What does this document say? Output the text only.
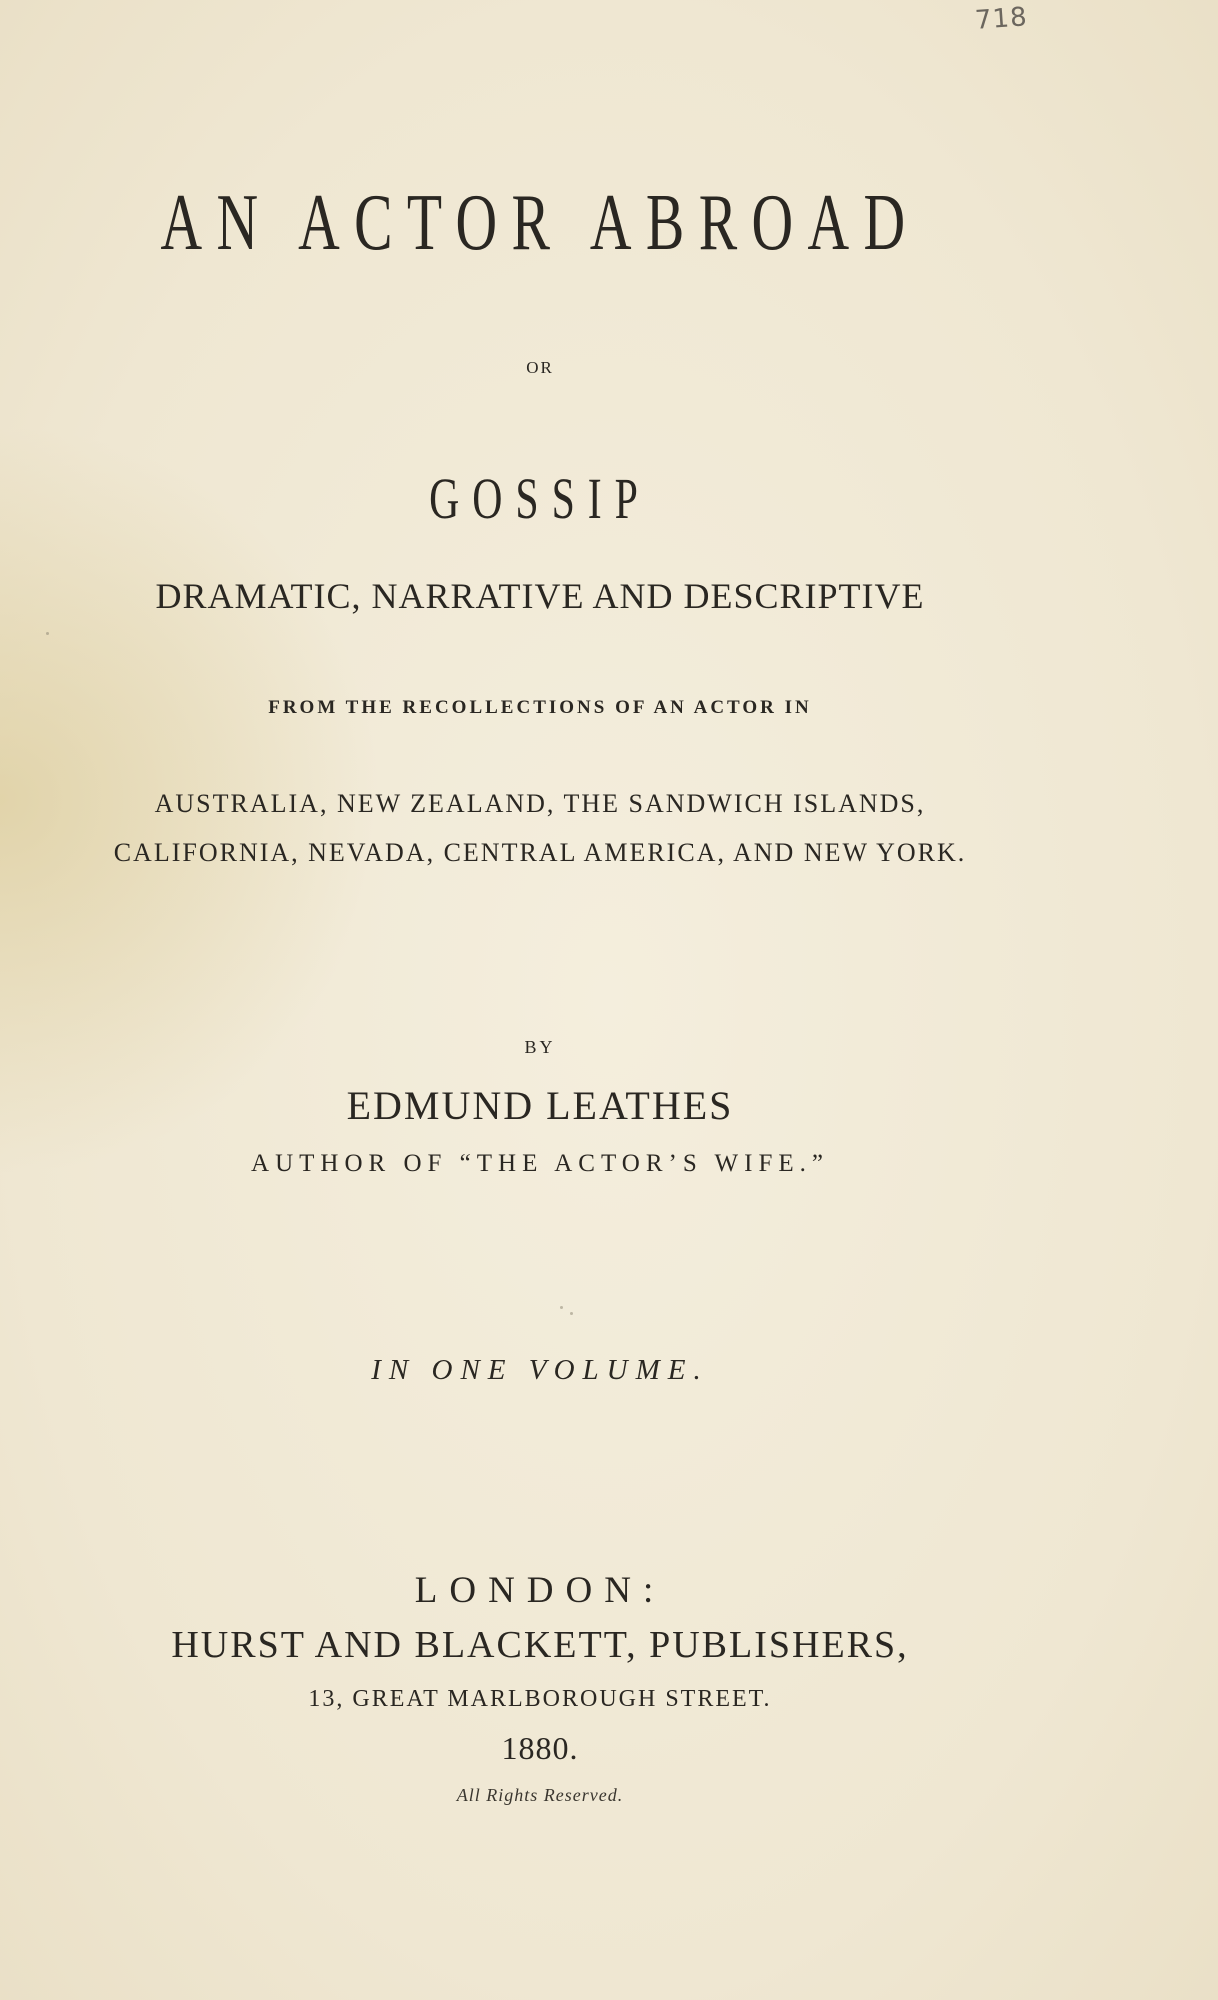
718
AN ACTOR ABROAD
OR
GOSSIP
DRAMATIC, NARRATIVE AND DESCRIPTIVE
FROM THE RECOLLECTIONS OF AN ACTOR IN
AUSTRALIA, NEW ZEALAND, THE SANDWICH ISLANDS,
CALIFORNIA, NEVADA, CENTRAL AMERICA, AND NEW YORK.
BY
EDMUND LEATHES
AUTHOR OF “THE ACTOR’S WIFE.”
IN ONE VOLUME.
LONDON:
HURST AND BLACKETT, PUBLISHERS,
13, GREAT MARLBOROUGH STREET.
1880.
All Rights Reserved.
